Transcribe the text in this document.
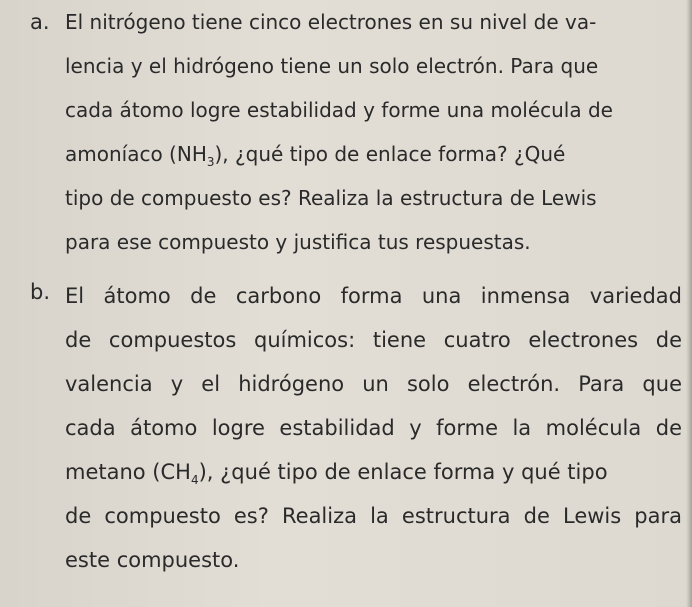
a. El nitrógeno tiene cinco electrones en su nivel de va-
lencia y el hidrógeno tiene un solo electrón. Para que
cada átomo logre estabilidad y forme una molécula de
amoníaco $(NH_3)$, ¿qué tipo de enlace forma? ¿Qué
tipo de compuesto es? Realiza la estructura de Lewis
para ese compuesto y justifica tus respuestas.
b. El átomo de carbono forma una inmensa variedad
de compuestos químicos: tiene cuatro electrones de
valencia y el hidrógeno un solo electrón. Para que
cada átomo logre estabilidad y forme la molécula de
metano $(CH_4)$, ¿qué tipo de enlace forma y qué tipo
de compuesto es? Realiza la estructura de Lewis para
este compuesto.
